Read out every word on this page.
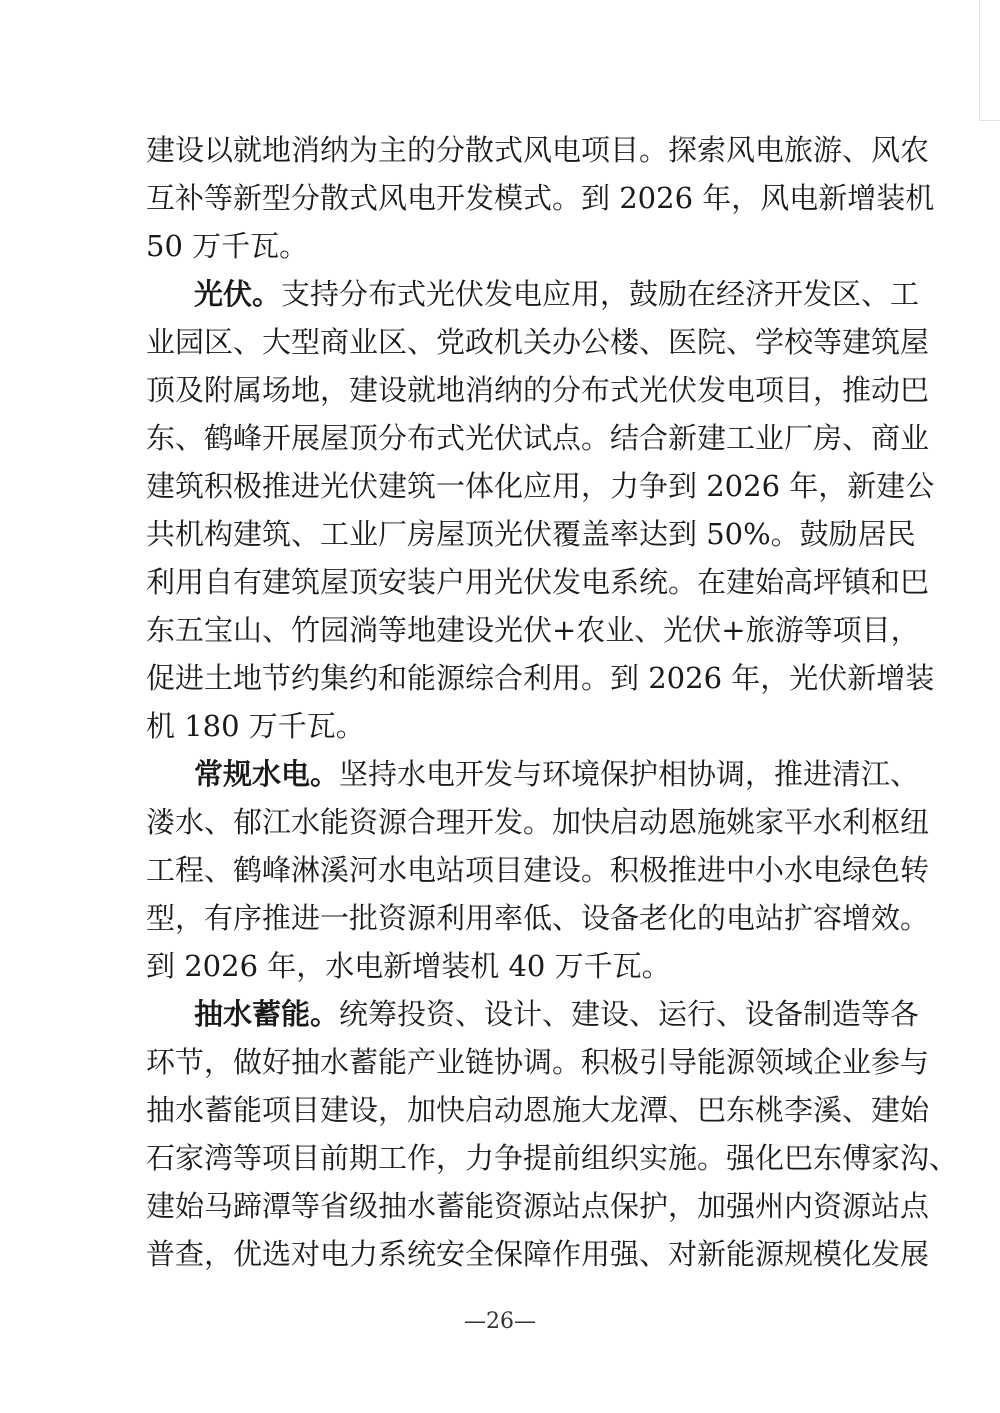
建设以就地消纳为主的分散式风电项目。探索风电旅游、风农
互补等新型分散式风电开发模式。到 2026 年，风电新增装机
50 万千瓦。
光伏。 支持分布式光伏发电应用，鼓励在经济开发区、工
业园区、大型商业区、党政机关办公楼、医院、学校等建筑屋
顶及附属场地，建设就地消纳的分布式光伏发电项目，推动巴
东、鹤峰开展屋顶分布式光伏试点。结合新建工业厂房、商业
建筑积极推进光伏建筑一体化应用，力争到 2026 年，新建公
共机构建筑、工业厂房屋顶光伏覆盖率达到 50%。鼓励居民
利用自有建筑屋顶安装户用光伏发电系统。在建始高坪镇和巴
东五宝山、竹园淌等地建设光伏+农业、光伏+旅游等项目，
促进土地节约集约和能源综合利用。到 2026 年，光伏新增装
机 180 万千瓦。
常规水电。 坚持水电开发与环境保护相协调，推进清江、
溇水、郁江水能资源合理开发。加快启动恩施姚家平水利枢纽
工程、鹤峰淋溪河水电站项目建设。积极推进中小水电绿色转
型，有序推进一批资源利用率低、设备老化的电站扩容增效。
到 2026 年，水电新增装机 40 万千瓦。
抽水蓄能。 统筹投资、设计、建设、运行、设备制造等各
环节，做好抽水蓄能产业链协调。积极引导能源领域企业参与
抽水蓄能项目建设，加快启动恩施大龙潭、巴东桃李溪、建始
石家湾等项目前期工作，力争提前组织实施。强化巴东傅家沟、
建始马蹄潭等省级抽水蓄能资源站点保护，加强州内资源站点
普查，优选对电力系统安全保障作用强、对新能源规模化发展
—26—
